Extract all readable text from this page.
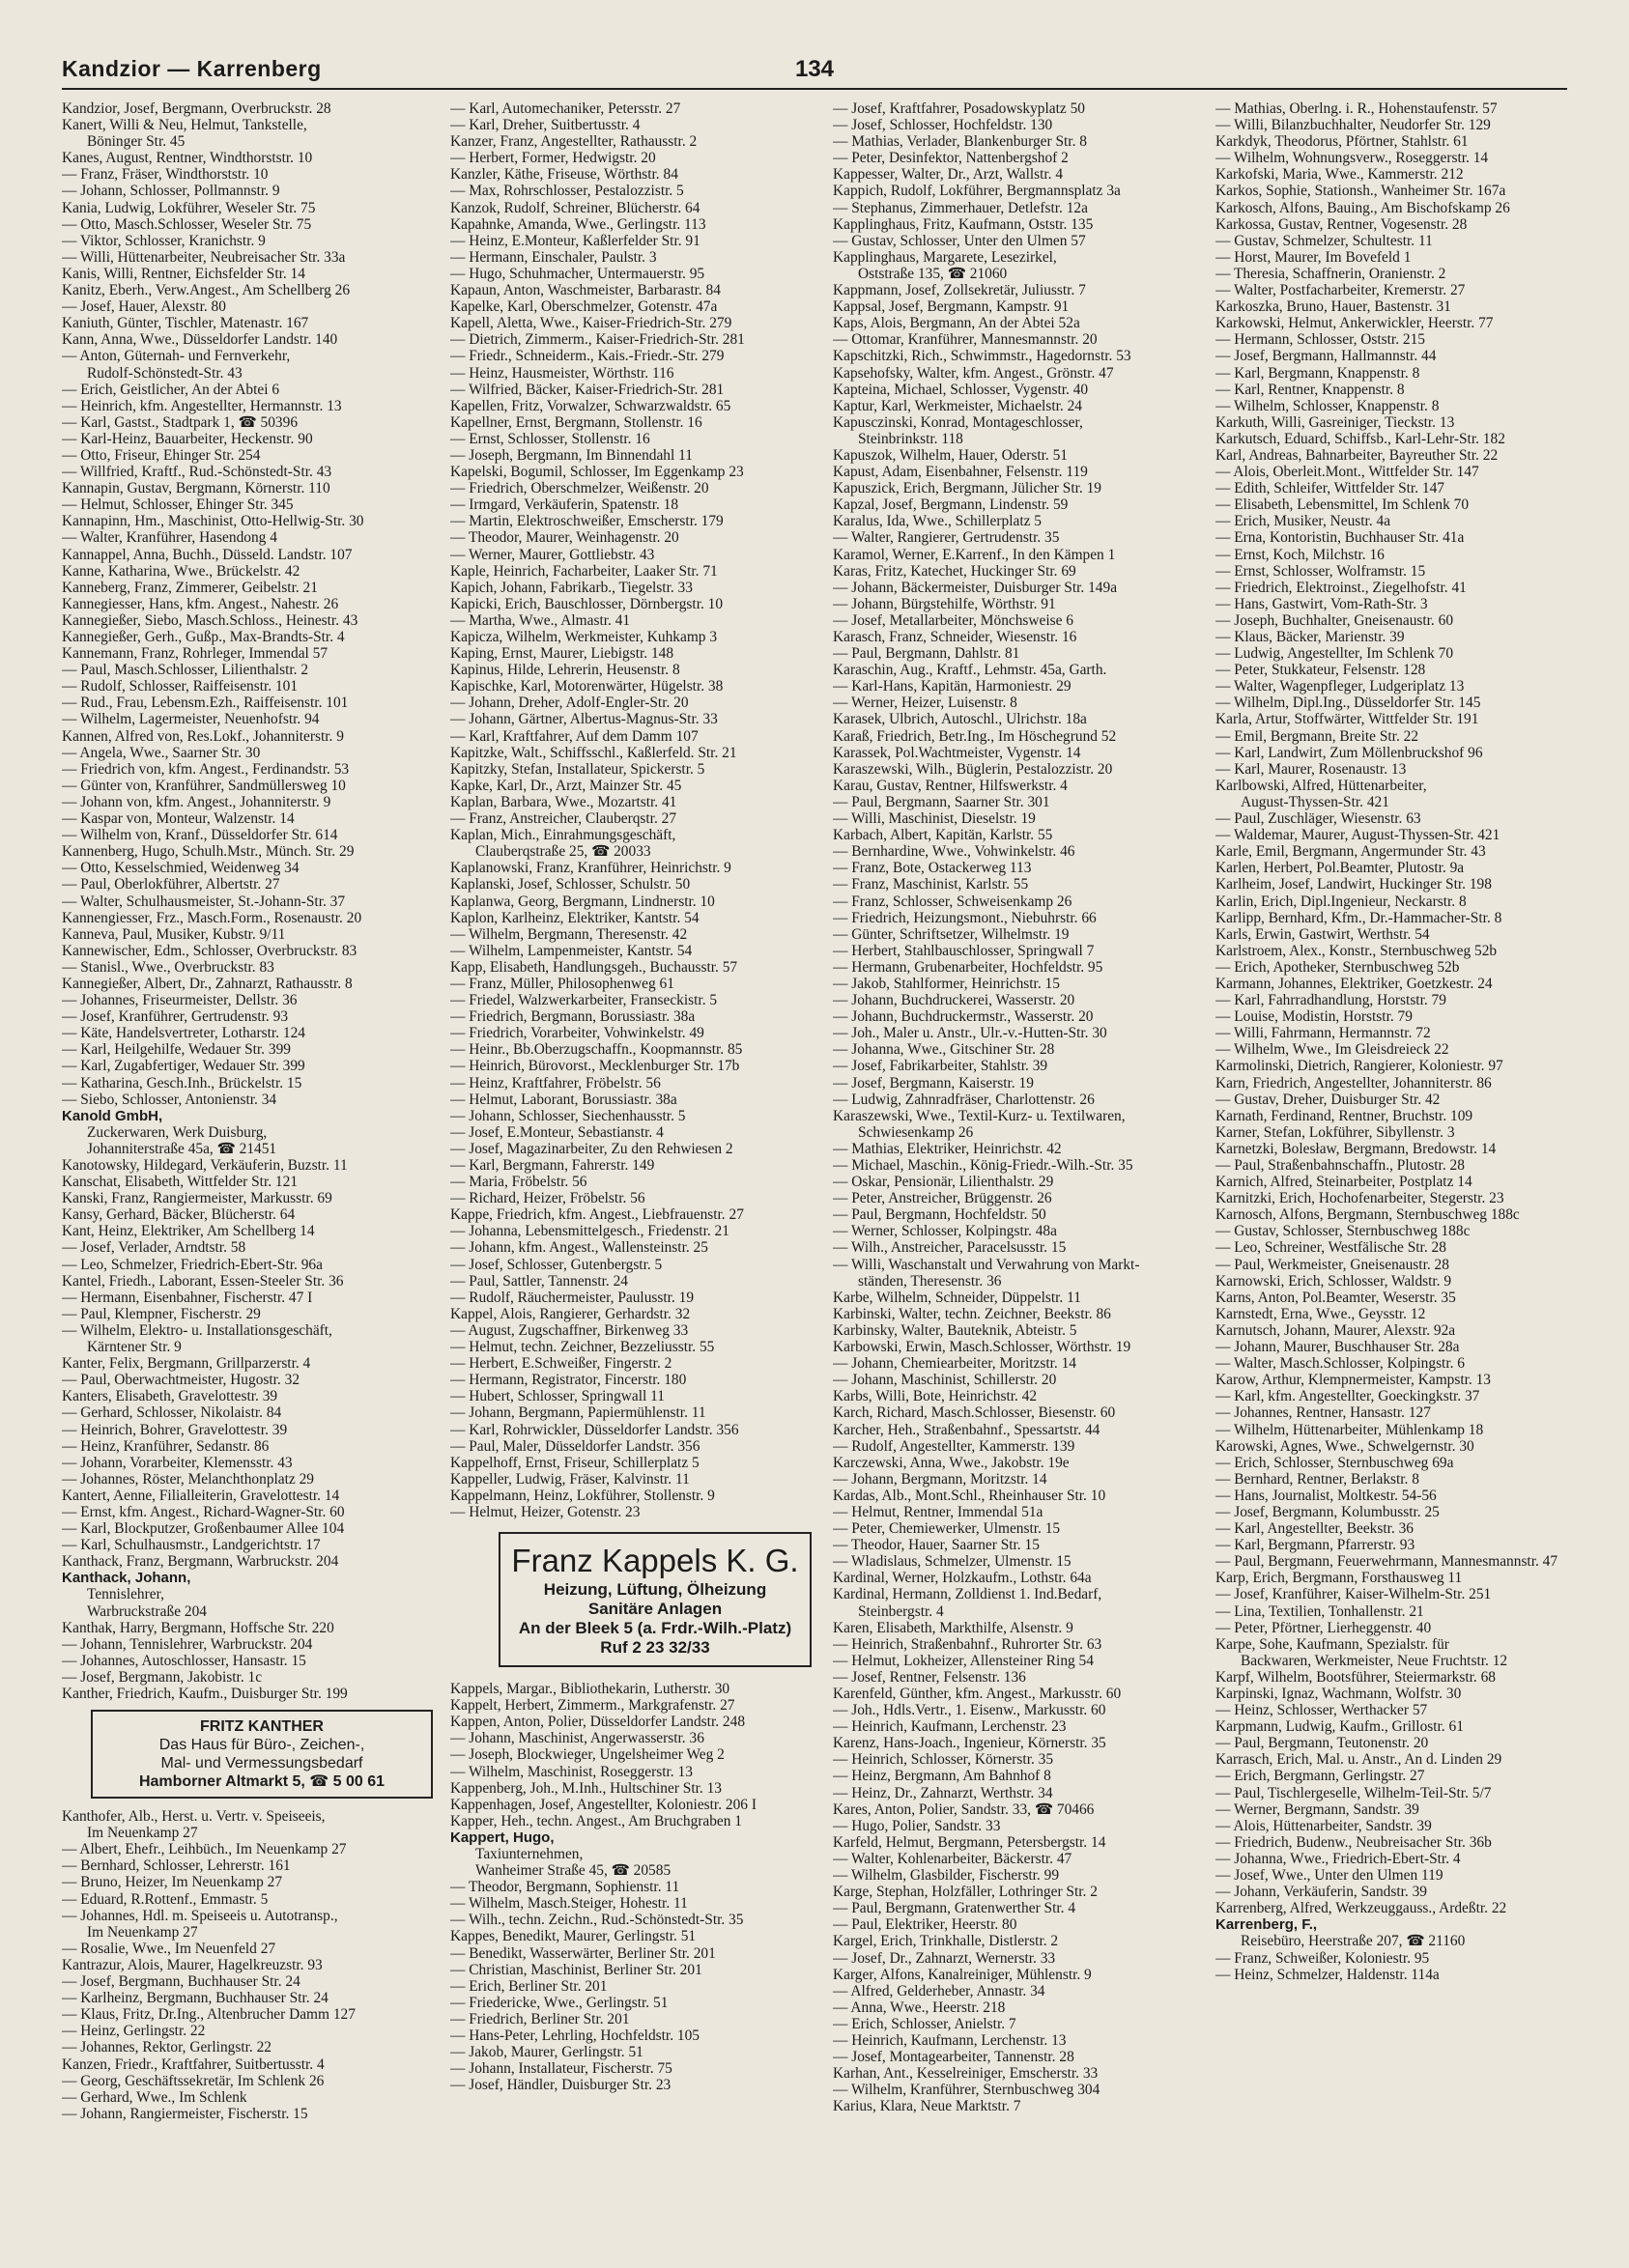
Kandzior — Karrenberg	134
Kandzior, Josef, Bergmann, Overbruckstr. 28
Kanert, Willi & Neu, Helmut, Tankstelle,
Böninger Str. 45
Kanes, August, Rentner, Windthorststr. 10
— Franz, Fräser, Windthorststr. 10
— Johann, Schlosser, Pollmannstr. 9
Kania, Ludwig, Lokführer, Weseler Str. 75
— Otto, Masch.Schlosser, Weseler Str. 75
— Viktor, Schlosser, Kranichstr. 9
— Willi, Hüttenarbeiter, Neubreisacher Str. 33a
Kanis, Willi, Rentner, Eichsfelder Str. 14
Kanitz, Eberh., Verw.Angest., Am Schellberg 26
— Josef, Hauer, Alexstr. 80
Kaniuth, Günter, Tischler, Matenastr. 167
Kann, Anna, Wwe., Düsseldorfer Landstr. 140
— Anton, Güternah- und Fernverkehr,
Rudolf-Schönstedt-Str. 43
— Erich, Geistlicher, An der Abtei 6
— Heinrich, kfm. Angestellter, Hermannstr. 13
— Karl, Gastst., Stadtpark 1, ☎ 50396
— Karl-Heinz, Bauarbeiter, Heckenstr. 90
— Otto, Friseur, Ehinger Str. 254
— Willfried, Kraftf., Rud.-Schönstedt-Str. 43
Kannapin, Gustav, Bergmann, Körnerstr. 110
— Helmut, Schlosser, Ehinger Str. 345
Kannapinn, Hm., Maschinist, Otto-Hellwig-Str. 30
— Walter, Kranführer, Hasendong 4
Kannappel, Anna, Buchh., Düsseld. Landstr. 107
Kanne, Katharina, Wwe., Brückelstr. 42
Kanneberg, Franz, Zimmerer, Geibelstr. 21
Kannegiesser, Hans, kfm. Angest., Nahestr. 26
Kannegießer, Siebo, Masch.Schloss., Heinestr. 43
Kannegießer, Gerh., Gußp., Max-Brandts-Str. 4
Kannemann, Franz, Rohrleger, Immendal 57
— Paul, Masch.Schlosser, Lilienthalstr. 2
— Rudolf, Schlosser, Raiffeisenstr. 101
— Rud., Frau, Lebensm.Ezh., Raiffeisenstr. 101
— Wilhelm, Lagermeister, Neuenhofstr. 94
Kannen, Alfred von, Res.Lokf., Johanniterstr. 9
— Angela, Wwe., Saarner Str. 30
— Friedrich von, kfm. Angest., Ferdinandstr. 53
— Günter von, Kranführer, Sandmüllersweg 10
— Johann von, kfm. Angest., Johanniterstr. 9
— Kaspar von, Monteur, Walzenstr. 14
— Wilhelm von, Kranf., Düsseldorfer Str. 614
Kannenberg, Hugo, Schulh.Mstr., Münch. Str. 29
— Otto, Kesselschmied, Weidenweg 34
— Paul, Oberlokführer, Albertstr. 27
— Walter, Schulhausmeister, St.-Johann-Str. 37
Kannengiesser, Frz., Masch.Form., Rosenaustr. 20
Kanneva, Paul, Musiker, Kubstr. 9/11
Kannewischer, Edm., Schlosser, Overbruckstr. 83
— Stanisl., Wwe., Overbruckstr. 83
Kannegießer, Albert, Dr., Zahnarzt, Rathausstr. 8
— Johannes, Friseurmeister, Dellstr. 36
— Josef, Kranführer, Gertrudenstr. 93
— Käte, Handelsvertreter, Lotharstr. 124
— Karl, Heilgehilfe, Wedauer Str. 399
— Karl, Zugabfertiger, Wedauer Str. 399
— Katharina, Gesch.Inh., Brückelstr. 15
— Siebo, Schlosser, Antonienstr. 34
Kanold GmbH,
Zuckerwaren, Werk Duisburg,
Johanniterstraße 45a, ☎ 21451
Kanotowsky, Hildegard, Verkäuferin, Buzstr. 11
Kanschat, Elisabeth, Wittfelder Str. 121
Kanski, Franz, Rangiermeister, Markusstr. 69
Kansy, Gerhard, Bäcker, Blücherstr. 64
Kant, Heinz, Elektriker, Am Schellberg 14
— Josef, Verlader, Arndtstr. 58
— Leo, Schmelzer, Friedrich-Ebert-Str. 96a
Kantel, Friedh., Laborant, Essen-Steeler Str. 36
— Hermann, Eisenbahner, Fischerstr. 47 I
— Paul, Klempner, Fischerstr. 29
— Wilhelm, Elektro- u. Installationsgeschäft,
Kärntener Str. 9
Kanter, Felix, Bergmann, Grillparzerstr. 4
— Paul, Oberwachtmeister, Hugostr. 32
Kanters, Elisabeth, Gravelottestr. 39
— Gerhard, Schlosser, Nikolaistr. 84
— Heinrich, Bohrer, Gravelottestr. 39
— Heinz, Kranführer, Sedanstr. 86
— Johann, Vorarbeiter, Klemensstr. 43
— Johannes, Röster, Melanchthonplatz 29
Kantert, Aenne, Filialleiterin, Gravelottestr. 14
— Ernst, kfm. Angest., Richard-Wagner-Str. 60
— Karl, Blockputzer, Großenbaumer Allee 104
— Karl, Schulhausmstr., Landgerichtstr. 17
Kanthack, Franz, Bergmann, Warbruckstr. 204
Kanthack, Johann,
Tennislehrer,
Warbruckstraße 204
Kanthak, Harry, Bergmann, Hoffsche Str. 220
— Johann, Tennislehrer, Warbruckstr. 204
— Johannes, Autoschlosser, Hansastr. 15
— Josef, Bergmann, Jakobistr. 1c
Kanther, Friedrich, Kaufm., Duisburger Str. 199
FRITZ KANTHER
Das Haus für Büro-, Zeichen-,
Mal- und Vermessungsbedarf
Hamborner Altmarkt 5, ☎ 5 00 61
Kanthofer, Alb., Herst. u. Vertr. v. Speiseeis,
Im Neuenkamp 27
— Albert, Ehefr., Leihbüch., Im Neuenkamp 27
— Bernhard, Schlosser, Lehrerstr. 161
— Bruno, Heizer, Im Neuenkamp 27
— Eduard, R.Rottenf., Emmastr. 5
— Johannes, Hdl. m. Speiseeis u. Autotransp.,
Im Neuenkamp 27
— Rosalie, Wwe., Im Neuenfeld 27
Kantrazur, Alois, Maurer, Hagelkreuzstr. 93
— Josef, Bergmann, Buchhauser Str. 24
— Karlheinz, Bergmann, Buchhauser Str. 24
— Klaus, Fritz, Dr.Ing., Altenbrucher Damm 127
— Heinz, Gerlingstr. 22
— Johannes, Rektor, Gerlingstr. 22
Kanzen, Friedr., Kraftfahrer, Suitbertusstr. 4
— Georg, Geschäftssekretär, Im Schlenk 26
— Gerhard, Wwe., Im Schlenk
— Johann, Rangiermeister, Fischerstr. 15
— Karl, Automechaniker, Petersstr. 27
— Karl, Dreher, Suitbertusstr. 4
Kanzer, Franz, Angestellter, Rathausstr. 2
— Herbert, Former, Hedwigstr. 20
Kanzler, Käthe, Friseuse, Wörthstr. 84
— Max, Rohrschlosser, Pestalozzistr. 5
Kanzok, Rudolf, Schreiner, Blücherstr. 64
Kapahnke, Amanda, Wwe., Gerlingstr. 113
— Heinz, E.Monteur, Kaßlerfelder Str. 91
— Hermann, Einschaler, Paulstr. 3
— Hugo, Schuhmacher, Untermauerstr. 95
Kapaun, Anton, Waschmeister, Barbarastr. 84
Kapelke, Karl, Oberschmelzer, Gotenstr. 47a
Kapell, Aletta, Wwe., Kaiser-Friedrich-Str. 279
— Dietrich, Zimmerm., Kaiser-Friedrich-Str. 281
— Friedr., Schneiderm., Kais.-Friedr.-Str. 279
— Heinz, Hausmeister, Wörthstr. 116
— Wilfried, Bäcker, Kaiser-Friedrich-Str. 281
Kapellen, Fritz, Vorwalzer, Schwarzwaldstr. 65
Kapellner, Ernst, Bergmann, Stollenstr. 16
— Ernst, Schlosser, Stollenstr. 16
— Joseph, Bergmann, Im Binnendahl 11
Kapelski, Bogumil, Schlosser, Im Eggenkamp 23
— Friedrich, Oberschmelzer, Weißenstr. 20
— Irmgard, Verkäuferin, Spatenstr. 18
— Martin, Elektroschweißer, Emscherstr. 179
— Theodor, Maurer, Weinhagenstr. 20
— Werner, Maurer, Gottliebstr. 43
Kaple, Heinrich, Facharbeiter, Laaker Str. 71
Kapich, Johann, Fabrikarb., Tiegelstr. 33
Kapicki, Erich, Bauschlosser, Dörnbergstr. 10
— Martha, Wwe., Almastr. 41
Kapicza, Wilhelm, Werkmeister, Kuhkamp 3
Kaping, Ernst, Maurer, Liebigstr. 148
Kapinus, Hilde, Lehrerin, Heusenstr. 8
Kapischke, Karl, Motorenwärter, Hügelstr. 38
— Johann, Dreher, Adolf-Engler-Str. 20
— Johann, Gärtner, Albertus-Magnus-Str. 33
— Karl, Kraftfahrer, Auf dem Damm 107
Kapitzke, Walt., Schiffsschl., Kaßlerfeld. Str. 21
Kapitzky, Stefan, Installateur, Spickerstr. 5
Kapke, Karl, Dr., Arzt, Mainzer Str. 45
Kaplan, Barbara, Wwe., Mozartstr. 41
— Franz, Anstreicher, Clauberqstr. 27
Kaplan, Mich., Einrahmungsgeschäft,
Clauberqstraße 25, ☎ 20033
Kaplanowski, Franz, Kranführer, Heinrichstr. 9
Kaplanski, Josef, Schlosser, Schulstr. 50
Kaplanwa, Georg, Bergmann, Lindnerstr. 10
Kaplon, Karlheinz, Elektriker, Kantstr. 54
— Wilhelm, Bergmann, Theresenstr. 42
— Wilhelm, Lampenmeister, Kantstr. 54
Kapp, Elisabeth, Handlungsgeh., Buchausstr. 57
— Franz, Müller, Philosophenweg 61
— Friedel, Walzwerkarbeiter, Franseckistr. 5
— Friedrich, Bergmann, Borussiastr. 38a
— Friedrich, Vorarbeiter, Vohwinkelstr. 49
— Heinr., Bb.Oberzugschaffn., Koopmannstr. 85
— Heinrich, Bürovorst., Mecklenburger Str. 17b
— Heinz, Kraftfahrer, Fröbelstr. 56
— Helmut, Laborant, Borussiastr. 38a
— Johann, Schlosser, Siechenhausstr. 5
— Josef, E.Monteur, Sebastianstr. 4
— Josef, Magazinarbeiter, Zu den Rehwiesen 2
— Karl, Bergmann, Fahrerstr. 149
— Maria, Fröbelstr. 56
— Richard, Heizer, Fröbelstr. 56
Kappe, Friedrich, kfm. Angest., Liebfrauenstr. 27
— Johanna, Lebensmittelgesch., Friedenstr. 21
— Johann, kfm. Angest., Wallensteinstr. 25
— Josef, Schlosser, Gutenbergstr. 5
— Paul, Sattler, Tannenstr. 24
— Rudolf, Räuchermeister, Paulusstr. 19
Kappel, Alois, Rangierer, Gerhardstr. 32
— August, Zugschaffner, Birkenweg 33
— Helmut, techn. Zeichner, Bezzeliusstr. 55
— Herbert, E.Schweißer, Fingerstr. 2
— Hermann, Registrator, Fincerstr. 180
— Hubert, Schlosser, Springwall 11
— Johann, Bergmann, Papiermühlenstr. 11
— Karl, Rohrwickler, Düsseldorfer Landstr. 356
— Paul, Maler, Düsseldorfer Landstr. 356
Kappelhoff, Ernst, Friseur, Schillerplatz 5
Kappeller, Ludwig, Fräser, Kalvinstr. 11
Kappelmann, Heinz, Lokführer, Stollenstr. 9
— Helmut, Heizer, Gotenstr. 23
Franz Kappels K. G.
Heizung, Lüftung, Ölheizung
Sanitäre Anlagen
An der Bleek 5 (a. Frdr.-Wilh.-Platz)
Ruf 2 23 32/33
Kappels, Margar., Bibliothekarin, Lutherstr. 30
Kappelt, Herbert, Zimmerm., Markgrafenstr. 27
Kappen, Anton, Polier, Düsseldorfer Landstr. 248
— Johann, Maschinist, Angerwasserstr. 36
— Joseph, Blockwieger, Ungelsheimer Weg 2
— Wilhelm, Maschinist, Roseggerstr. 13
Kappenberg, Joh., M.Inh., Hultschiner Str. 13
Kappenhagen, Josef, Angestellter, Koloniestr. 206 I
Kapper, Heh., techn. Angest., Am Bruchgraben 1
Kappert, Hugo,
Taxiunternehmen,
Wanheimer Straße 45, ☎ 20585
— Theodor, Bergmann, Sophienstr. 11
— Wilhelm, Masch.Steiger, Hohestr. 11
— Wilh., techn. Zeichn., Rud.-Schönstedt-Str. 35
Kappes, Benedikt, Maurer, Gerlingstr. 51
— Benedikt, Wasserwärter, Berliner Str. 201
— Christian, Maschinist, Berliner Str. 201
— Erich, Berliner Str. 201
— Friedericke, Wwe., Gerlingstr. 51
— Friedrich, Berliner Str. 201
— Hans-Peter, Lehrling, Hochfeldstr. 105
— Jakob, Maurer, Gerlingstr. 51
— Johann, Installateur, Fischerstr. 75
— Josef, Händler, Duisburger Str. 23
— Josef, Kraftfahrer, Posadowskyplatz 50
— Josef, Schlosser, Hochfeldstr. 130
— Mathias, Verlader, Blankenburger Str. 8
— Peter, Desinfektor, Nattenbergshof 2
Kappesser, Walter, Dr., Arzt, Wallstr. 4
Kappich, Rudolf, Lokführer, Bergmannsplatz 3a
— Stephanus, Zimmerhauer, Detlefstr. 12a
Kapplinghaus, Fritz, Kaufmann, Oststr. 135
— Gustav, Schlosser, Unter den Ulmen 57
Kapplinghaus, Margarete, Lesezirkel,
Oststraße 135, ☎ 21060
Kappmann, Josef, Zollsekretär, Juliusstr. 7
Kappsal, Josef, Bergmann, Kampstr. 91
Kaps, Alois, Bergmann, An der Abtei 52a
— Ottomar, Kranführer, Mannesmannstr. 20
Kapschitzki, Rich., Schwimmstr., Hagedornstr. 53
Kapsehofsky, Walter, kfm. Angest., Grönstr. 47
Kapteina, Michael, Schlosser, Vygenstr. 40
Kaptur, Karl, Werkmeister, Michaelstr. 24
Kapusczinski, Konrad, Montageschlosser,
Steinbrinkstr. 118
Kapuszok, Wilhelm, Hauer, Oderstr. 51
Kapust, Adam, Eisenbahner, Felsenstr. 119
Kapuszick, Erich, Bergmann, Jülicher Str. 19
Kapzal, Josef, Bergmann, Lindenstr. 59
Karalus, Ida, Wwe., Schillerplatz 5
— Walter, Rangierer, Gertrudenstr. 35
Karamol, Werner, E.Karrenf., In den Kämpen 1
Karas, Fritz, Katechet, Huckinger Str. 69
— Johann, Bäckermeister, Duisburger Str. 149a
— Johann, Bürgstehilfe, Wörthstr. 91
— Josef, Metallarbeiter, Mönchsweise 6
Karasch, Franz, Schneider, Wiesenstr. 16
— Paul, Bergmann, Dahlstr. 81
Karaschin, Aug., Kraftf., Lehmstr. 45a, Garth.
— Karl-Hans, Kapitän, Harmoniestr. 29
— Werner, Heizer, Luisenstr. 8
Karasek, Ulbrich, Autoschl., Ulrichstr. 18a
Karaß, Friedrich, Betr.Ing., Im Höschegrund 52
Karassek, Pol.Wachtmeister, Vygenstr. 14
Karaszewski, Wilh., Büglerin, Pestalozzistr. 20
Karau, Gustav, Rentner, Hilfswerkstr. 4
— Paul, Bergmann, Saarner Str. 301
— Willi, Maschinist, Dieselstr. 19
Karbach, Albert, Kapitän, Karlstr. 55
— Bernhardine, Wwe., Vohwinkelstr. 46
— Franz, Bote, Ostackerweg 113
— Franz, Maschinist, Karlstr. 55
— Franz, Schlosser, Schweisenkamp 26
— Friedrich, Heizungsmont., Niebuhrstr. 66
— Günter, Schriftsetzer, Wilhelmstr. 19
— Herbert, Stahlbauschlosser, Springwall 7
— Hermann, Grubenarbeiter, Hochfeldstr. 95
— Jakob, Stahlformer, Heinrichstr. 15
— Johann, Buchdruckerei, Wasserstr. 20
— Johann, Buchdruckermstr., Wasserstr. 20
— Joh., Maler u. Anstr., Ulr.-v.-Hutten-Str. 30
— Johanna, Wwe., Gitschiner Str. 28
— Josef, Fabrikarbeiter, Stahlstr. 39
— Josef, Bergmann, Kaiserstr. 19
— Ludwig, Zahnradfräser, Charlottenstr. 26
Karaszewski, Wwe., Textil-Kurz- u. Textilwaren,
Schwiesenkamp 26
— Mathias, Elektriker, Heinrichstr. 42
— Michael, Maschin., König-Friedr.-Wilh.-Str. 35
— Oskar, Pensionär, Lilienthalstr. 29
— Peter, Anstreicher, Brüggenstr. 26
— Paul, Bergmann, Hochfeldstr. 50
— Werner, Schlosser, Kolpingstr. 48a
— Wilh., Anstreicher, Paracelsusstr. 15
— Willi, Waschanstalt und Verwahrung von Markt-
ständen, Theresenstr. 36
Karbe, Wilhelm, Schneider, Düppelstr. 11
Karbinski, Walter, techn. Zeichner, Beekstr. 86
Karbinsky, Walter, Bauteknik, Abteistr. 5
Karbowski, Erwin, Masch.Schlosser, Wörthstr. 19
— Johann, Chemiearbeiter, Moritzstr. 14
— Johann, Maschinist, Schillerstr. 20
Karbs, Willi, Bote, Heinrichstr. 42
Karch, Richard, Masch.Schlosser, Biesenstr. 60
Karcher, Heh., Straßenbahnf., Spessartstr. 44
— Rudolf, Angestellter, Kammerstr. 139
Karczewski, Anna, Wwe., Jakobstr. 19e
— Johann, Bergmann, Moritzstr. 14
Kardas, Alb., Mont.Schl., Rheinhauser Str. 10
— Helmut, Rentner, Immendal 51a
— Peter, Chemiewerker, Ulmenstr. 15
— Theodor, Hauer, Saarner Str. 15
— Wladislaus, Schmelzer, Ulmenstr. 15
Kardinal, Werner, Holzkaufm., Lothstr. 64a
Kardinal, Hermann, Zolldienst 1. Ind.Bedarf,
Steinbergstr. 4
Karen, Elisabeth, Markthilfe, Alsenstr. 9
— Heinrich, Straßenbahnf., Ruhrorter Str. 63
— Helmut, Lokheizer, Allensteiner Ring 54
— Josef, Rentner, Felsenstr. 136
Karenfeld, Günther, kfm. Angest., Markusstr. 60
— Joh., Hdls.Vertr., 1. Eisenw., Markusstr. 60
— Heinrich, Kaufmann, Lerchenstr. 23
Karenz, Hans-Joach., Ingenieur, Körnerstr. 35
— Heinrich, Schlosser, Körnerstr. 35
— Heinz, Bergmann, Am Bahnhof 8
— Heinz, Dr., Zahnarzt, Werthstr. 34
Kares, Anton, Polier, Sandstr. 33, ☎ 70466
— Hugo, Polier, Sandstr. 33
Karfeld, Helmut, Bergmann, Petersbergstr. 14
— Walter, Kohlenarbeiter, Bäckerstr. 47
— Wilhelm, Glasbilder, Fischerstr. 99
Karge, Stephan, Holzfäller, Lothringer Str. 2
— Paul, Bergmann, Gratenwerther Str. 4
— Paul, Elektriker, Heerstr. 80
Kargel, Erich, Trinkhalle, Distlerstr. 2
— Josef, Dr., Zahnarzt, Wernerstr. 33
Karger, Alfons, Kanalreiniger, Mühlenstr. 9
— Alfred, Gelderheber, Annastr. 34
— Anna, Wwe., Heerstr. 218
— Erich, Schlosser, Anielstr. 7
— Heinrich, Kaufmann, Lerchenstr. 13
— Josef, Montagearbeiter, Tannenstr. 28
Karhan, Ant., Kesselreiniger, Emscherstr. 33
— Wilhelm, Kranführer, Sternbuschweg 304
Karius, Klara, Neue Marktstr. 7
— Mathias, Oberlng. i. R., Hohenstaufenstr. 57
— Willi, Bilanzbuchhalter, Neudorfer Str. 129
Karkdyk, Theodorus, Pförtner, Stahlstr. 61
— Wilhelm, Wohnungsverw., Roseggerstr. 14
Karkofski, Maria, Wwe., Kammerstr. 212
Karkos, Sophie, Stationsh., Wanheimer Str. 167a
Karkosch, Alfons, Bauing., Am Bischofskamp 26
Karkossa, Gustav, Rentner, Vogesenstr. 28
— Gustav, Schmelzer, Schultestr. 11
— Horst, Maurer, Im Bovefeld 1
— Theresia, Schaffnerin, Oranienstr. 2
— Walter, Postfacharbeiter, Kremerstr. 27
Karkoszka, Bruno, Hauer, Bastenstr. 31
Karkowski, Helmut, Ankerwickler, Heerstr. 77
— Hermann, Schlosser, Oststr. 215
— Josef, Bergmann, Hallmannstr. 44
— Karl, Bergmann, Knappenstr. 8
— Karl, Rentner, Knappenstr. 8
— Wilhelm, Schlosser, Knappenstr. 8
Karkuth, Willi, Gasreiniger, Tieckstr. 13
Karkutsch, Eduard, Schiffsb., Karl-Lehr-Str. 182
Karl, Andreas, Bahnarbeiter, Bayreuther Str. 22
— Alois, Oberleit.Mont., Wittfelder Str. 147
— Edith, Schleifer, Wittfelder Str. 147
— Elisabeth, Lebensmittel, Im Schlenk 70
— Erich, Musiker, Neustr. 4a
— Erna, Kontoristin, Buchhauser Str. 41a
— Ernst, Koch, Milchstr. 16
— Ernst, Schlosser, Wolframstr. 15
— Friedrich, Elektroinst., Ziegelhofstr. 41
— Hans, Gastwirt, Vom-Rath-Str. 3
— Joseph, Buchhalter, Gneisenaustr. 60
— Klaus, Bäcker, Marienstr. 39
— Ludwig, Angestellter, Im Schlenk 70
— Peter, Stukkateur, Felsenstr. 128
— Walter, Wagenpfleger, Ludgeriplatz 13
— Wilhelm, Dipl.Ing., Düsseldorfer Str. 145
Karla, Artur, Stoffwärter, Wittfelder Str. 191
— Emil, Bergmann, Breite Str. 22
— Karl, Landwirt, Zum Möllenbruckshof 96
— Karl, Maurer, Rosenaustr. 13
Karlbowski, Alfred, Hüttenarbeiter,
August-Thyssen-Str. 421
— Paul, Zuschläger, Wiesenstr. 63
— Waldemar, Maurer, August-Thyssen-Str. 421
Karle, Emil, Bergmann, Angermunder Str. 43
Karlen, Herbert, Pol.Beamter, Plutostr. 9a
Karlheim, Josef, Landwirt, Huckinger Str. 198
Karlin, Erich, Dipl.Ingenieur, Neckarstr. 8
Karlipp, Bernhard, Kfm., Dr.-Hammacher-Str. 8
Karls, Erwin, Gastwirt, Werthstr. 54
Karlstroem, Alex., Konstr., Sternbuschweg 52b
— Erich, Apotheker, Sternbuschweg 52b
Karmann, Johannes, Elektriker, Goetzkestr. 24
— Karl, Fahrradhandlung, Horststr. 79
— Louise, Modistin, Horststr. 79
— Willi, Fahrmann, Hermannstr. 72
— Wilhelm, Wwe., Im Gleisdreieck 22
Karmolinski, Dietrich, Rangierer, Koloniestr. 97
Karn, Friedrich, Angestellter, Johanniterstr. 86
— Gustav, Dreher, Duisburger Str. 42
Karnath, Ferdinand, Rentner, Bruchstr. 109
Karner, Stefan, Lokführer, Sibyllenstr. 3
Karnetzki, Bolesław, Bergmann, Bredowstr. 14
— Paul, Straßenbahnschaffn., Plutostr. 28
Karnich, Alfred, Steinarbeiter, Postplatz 14
Karnitzki, Erich, Hochofenarbeiter, Stegerstr. 23
Karnosch, Alfons, Bergmann, Sternbuschweg 188c
— Gustav, Schlosser, Sternbuschweg 188c
— Leo, Schreiner, Westfälische Str. 28
— Paul, Werkmeister, Gneisenaustr. 28
Karnowski, Erich, Schlosser, Waldstr. 9
Karns, Anton, Pol.Beamter, Weserstr. 35
Karnstedt, Erna, Wwe., Geysstr. 12
Karnutsch, Johann, Maurer, Alexstr. 92a
— Johann, Maurer, Buschhauser Str. 28a
— Walter, Masch.Schlosser, Kolpingstr. 6
Karow, Arthur, Klempnermeister, Kampstr. 13
— Karl, kfm. Angestellter, Goeckingkstr. 37
— Johannes, Rentner, Hansastr. 127
— Wilhelm, Hüttenarbeiter, Mühlenkamp 18
Karowski, Agnes, Wwe., Schwelgernstr. 30
— Erich, Schlosser, Sternbuschweg 69a
— Bernhard, Rentner, Berlakstr. 8
— Hans, Journalist, Moltkestr. 54-56
— Josef, Bergmann, Kolumbusstr. 25
— Karl, Angestellter, Beekstr. 36
— Karl, Bergmann, Pfarrerstr. 93
— Paul, Bergmann, Feuerwehrmann, Mannesmannstr. 47
Karp, Erich, Bergmann, Forsthausweg 11
— Josef, Kranführer, Kaiser-Wilhelm-Str. 251
— Lina, Textilien, Tonhallenstr. 21
— Peter, Pförtner, Lierheggenstr. 40
Karpe, Sohe, Kaufmann, Spezialstr. für
Backwaren, Werkmeister, Neue Fruchtstr. 12
Karpf, Wilhelm, Bootsführer, Steiermarkstr. 68
Karpinski, Ignaz, Wachmann, Wolfstr. 30
— Heinz, Schlosser, Werthacker 57
Karpmann, Ludwig, Kaufm., Grillostr. 61
— Paul, Bergmann, Teutonenstr. 20
Karrasch, Erich, Mal. u. Anstr., An d. Linden 29
— Erich, Bergmann, Gerlingstr. 27
— Paul, Tischlergeselle, Wilhelm-Teil-Str. 5/7
— Werner, Bergmann, Sandstr. 39
— Alois, Hüttenarbeiter, Sandstr. 39
— Friedrich, Budenw., Neubreisacher Str. 36b
— Johanna, Wwe., Friedrich-Ebert-Str. 4
— Josef, Wwe., Unter den Ulmen 119
— Johann, Verkäuferin, Sandstr. 39
Karrenberg, Alfred, Werkzeuggauss., Ardeßtr. 22
Karrenberg, F.,
Reisebüro, Heerstraße 207, ☎ 21160
— Franz, Schweißer, Koloniestr. 95
— Heinz, Schmelzer, Haldenstr. 114a
